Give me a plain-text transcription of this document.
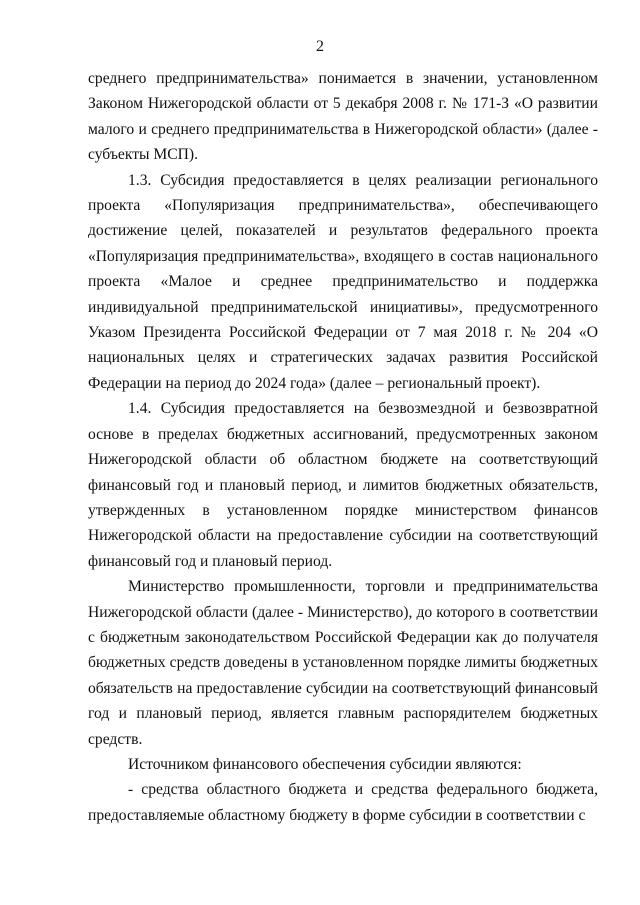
2

среднего предпринимательства» понимается в значении, установленном Законом Нижегородской области от 5 декабря 2008 г. № 171-З «О развитии малого и среднего предпринимательства в Нижегородской области» (далее - субъекты МСП).

1.3. Субсидия предоставляется в целях реализации регионального проекта «Популяризация предпринимательства», обеспечивающего достижение целей, показателей и результатов федерального проекта «Популяризация предпринимательства», входящего в состав национального проекта «Малое и среднее предпринимательство и поддержка индивидуальной предпринимательской инициативы», предусмотренного Указом Президента Российской Федерации от 7 мая 2018 г. № 204 «О национальных целях и стратегических задачах развития Российской Федерации на период до 2024 года» (далее – региональный проект).

1.4. Субсидия предоставляется на безвозмездной и безвозвратной основе в пределах бюджетных ассигнований, предусмотренных законом Нижегородской области об областном бюджете на соответствующий финансовый год и плановый период, и лимитов бюджетных обязательств, утвержденных в установленном порядке министерством финансов Нижегородской области на предоставление субсидии на соответствующий финансовый год и плановый период.

Министерство промышленности, торговли и предпринимательства Нижегородской области (далее - Министерство), до которого в соответствии с бюджетным законодательством Российской Федерации как до получателя бюджетных средств доведены в установленном порядке лимиты бюджетных обязательств на предоставление субсидии на соответствующий финансовый год и плановый период, является главным распорядителем бюджетных средств.

Источником финансового обеспечения субсидии являются:

- средства областного бюджета и средства федерального бюджета, предоставляемые областному бюджету в форме субсидии в соответствии с
